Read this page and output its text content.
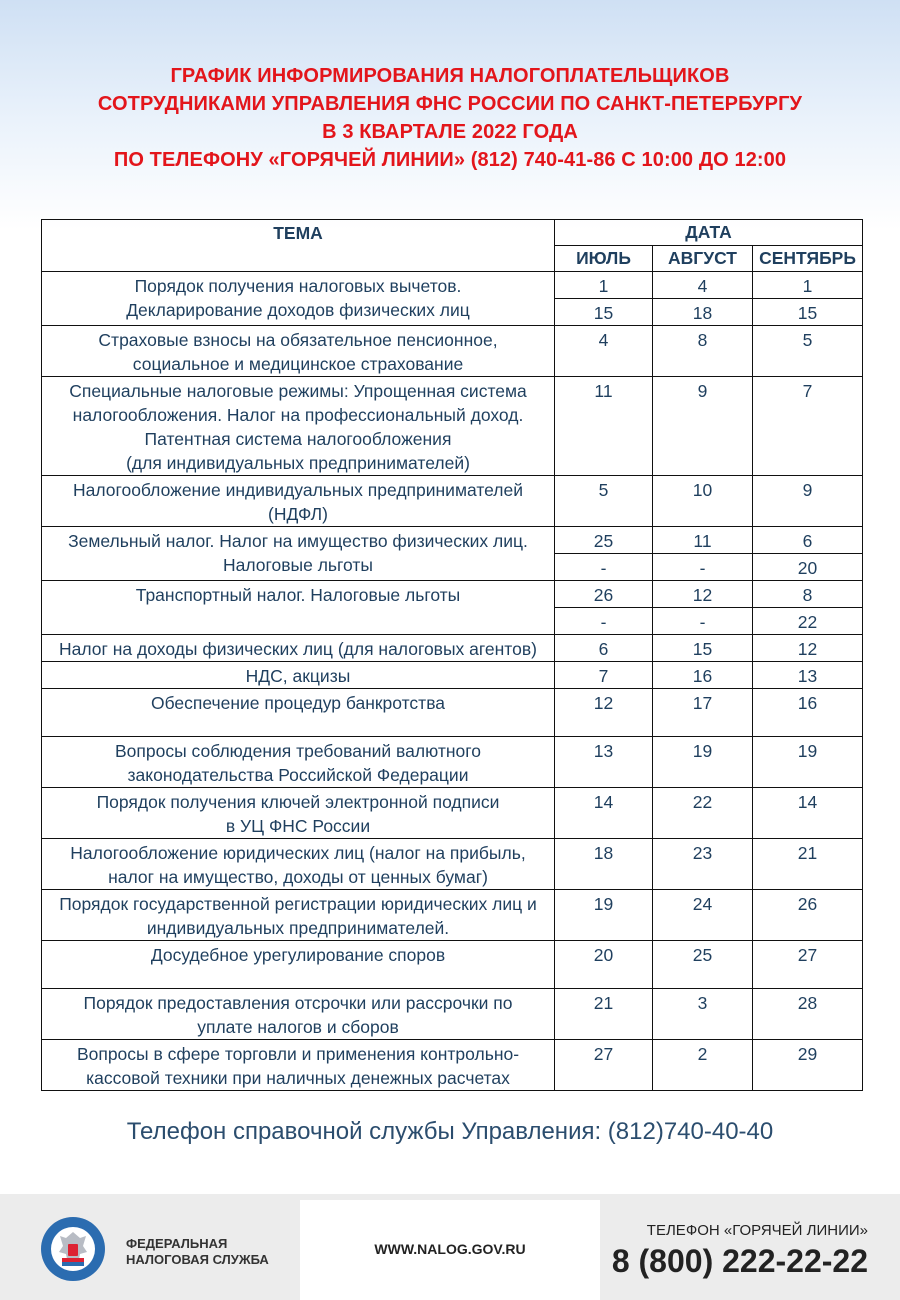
ГРАФИК ИНФОРМИРОВАНИЯ НАЛОГОПЛАТЕЛЬЩИКОВ
СОТРУДНИКАМИ УПРАВЛЕНИЯ ФНС РОССИИ ПО САНКТ-ПЕТЕРБУРГУ
В 3 КВАРТАЛЕ 2022 ГОДА
ПО ТЕЛЕФОНУ «ГОРЯЧЕЙ ЛИНИИ» (812) 740-41-86 С 10:00 ДО 12:00
ТЕМА	ДАТА		
	ИЮЛЬ	АВГУСТ	СЕНТЯБРЬ

Порядок получения налоговых вычетов.
Декларирование доходов физических лиц	1	4	1
	15	18	15

Страховые взносы на обязательное пенсионное,
социальное и медицинское страхование	4	8	5

Специальные налоговые режимы: Упрощенная система
налогообложения. Налог на профессиональный доход.
Патентная система налогообложения
(для индивидуальных предпринимателей)	11	9	7

Налогообложение индивидуальных предпринимателей
(НДФЛ)	5	10	9

Земельный налог. Налог на имущество физических лиц.
Налоговые льготы	25	11	6
	-	-	20

Транспортный налог. Налоговые льготы	26	12	8
	-	-	22

Налог на доходы физических лиц (для налоговых агентов)	6	15	12

НДС, акцизы	7	16	13

Обеспечение процедур банкротства	12	17	16

Вопросы соблюдения требований валютного
законодательства Российской Федерации	13	19	19

Порядок получения ключей электронной подписи
в УЦ ФНС России	14	22	14

Налогообложение юридических лиц (налог на прибыль,
налог на имущество, доходы от ценных бумаг)	18	23	21

Порядок государственной регистрации юридических лиц и
индивидуальных предпринимателей.	19	24	26

Досудебное урегулирование споров	20	25	27

Порядок предоставления отсрочки или рассрочки по
уплате налогов и сборов	21	3	28

Вопросы в сфере торговли и применения контрольно-
кассовой техники при наличных денежных расчетах	27	2	29
Телефон справочной службы Управления: (812)740-40-40
ФЕДЕРАЛЬНАЯ
НАЛОГОВАЯ СЛУЖБА
WWW.NALOG.GOV.RU
ТЕЛЕФОН «ГОРЯЧЕЙ ЛИНИИ»
8 (800) 222-22-22
